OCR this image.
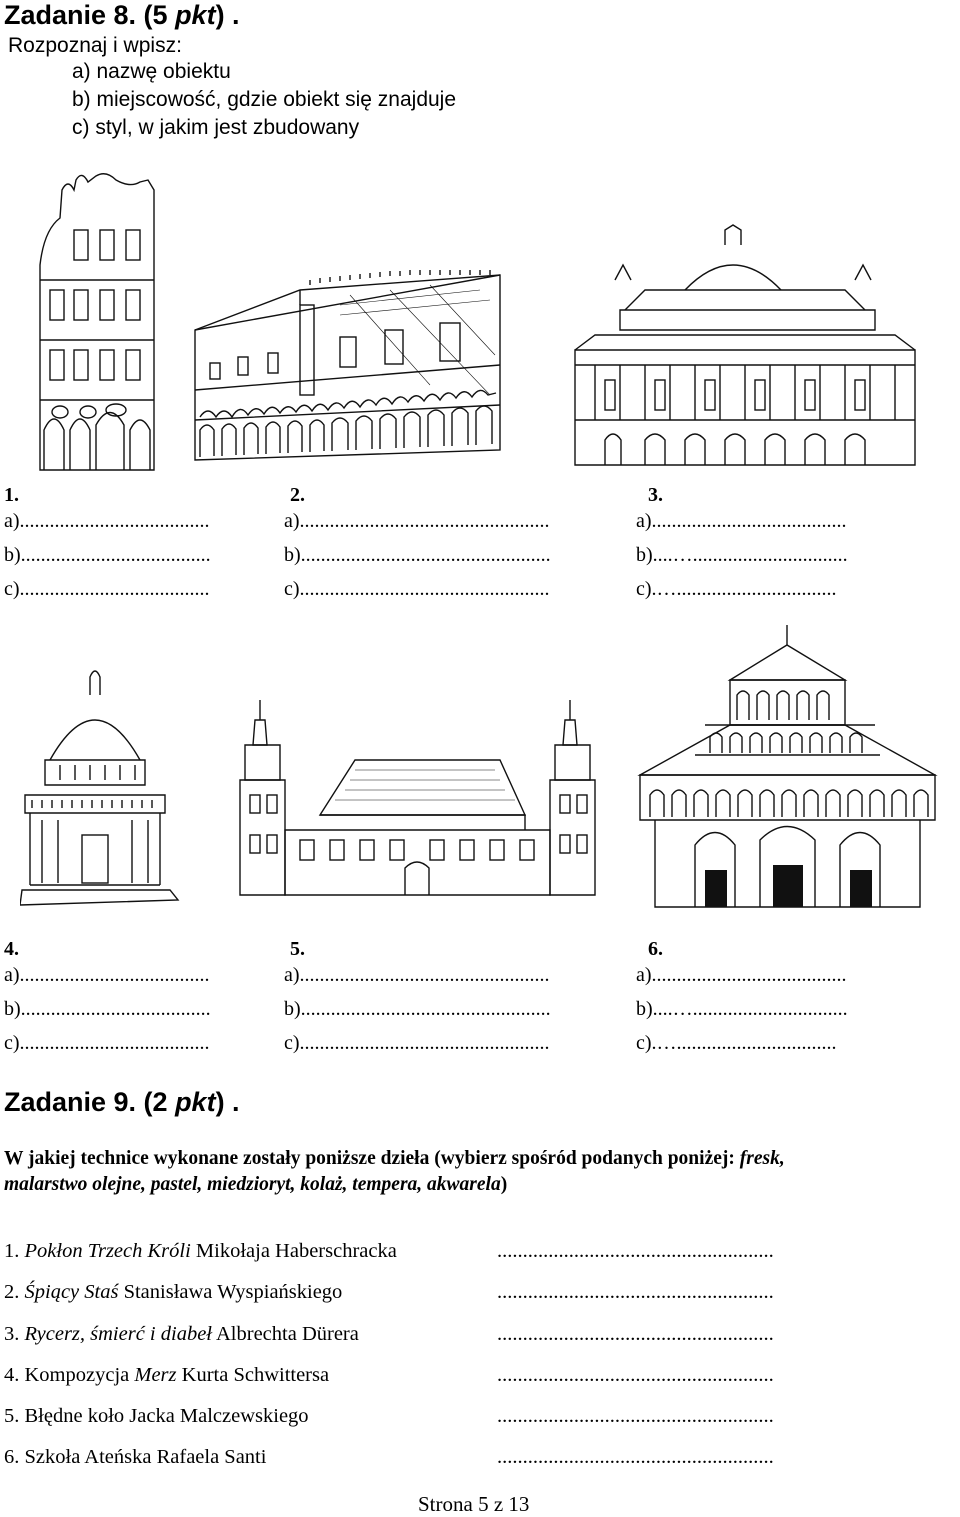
Zadanie 8. (5 pkt) .
Rozpoznaj i wpisz:
a) nazwę obiektu
b) miejscowość, gdzie obiekt się znajduje
c) styl, w jakim jest zbudowany
1.
a)......................................
b)......................................
c)......................................
2.
a)..................................................
b)..................................................
c)..................................................
3.
a).......................................
b)....…...............................
c).…................................
4.
a)......................................
b)......................................
c)......................................
5.
a)..................................................
b)..................................................
c)..................................................
6.
a).......................................
b)....…...............................
c).…................................
Zadanie 9. (2 pkt) .
W jakiej technice wykonane zostały poniższe dzieła (wybierz spośród podanych poniżej: fresk,
malarstwo olejne, pastel, miedzioryt, kolaż, tempera, akwarela)
1. Pokłon Trzech Króli Mikołaja Haberschracka	......................................................
2. Śpiący Staś Stanisława Wyspiańskiego	......................................................
3. Rycerz, śmierć i diabeł Albrechta Dürera	......................................................
4. Kompozycja Merz Kurta Schwittersa	......................................................
5. Błędne koło Jacka Malczewskiego	......................................................
6. Szkoła Ateńska Rafaela Santi	......................................................
Strona 5 z 13
